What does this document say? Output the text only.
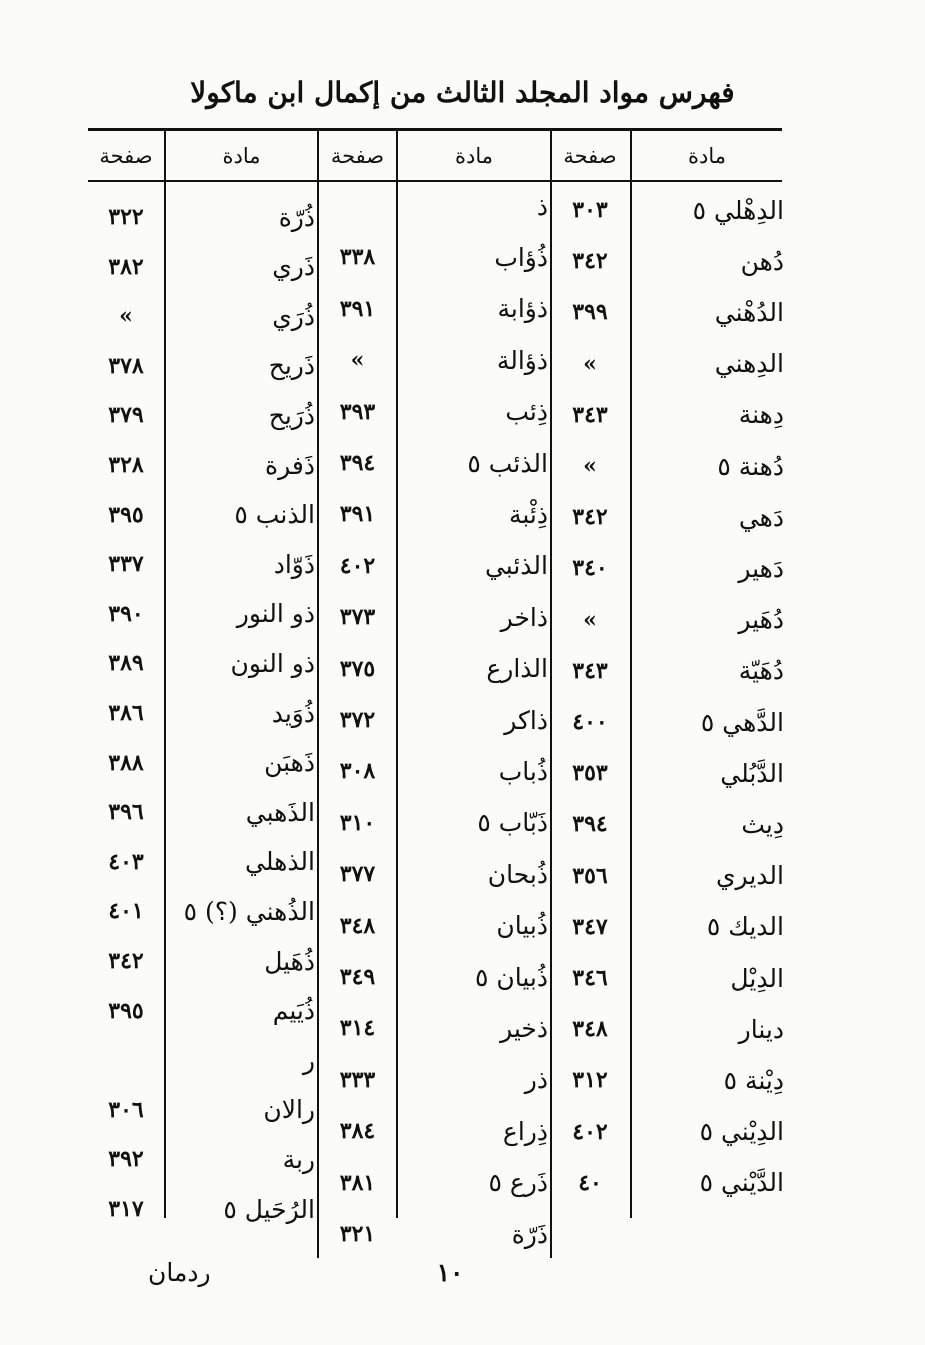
فهرس مواد المجلد الثالث من إكمال ابن ماكولا
مادة
صفحة
مادة
صفحة
مادة
صفحة
الدِهْلي ٥
٣٠٣
دُهن
٣٤٢
الدُهْني
٣٩٩
الدِهني
»
دِهنة
٣٤٣
دُهنة ٥
»
دَهي
٣٤٢
دَهير
٣٤٠
دُهَير
»
دُهَيّة
٣٤٣
الدَّهي ٥
٤٠٠
الدَّبُلي
٣٥٣
دِيث
٣٩٤
الديري
٣٥٦
الديك ٥
٣٤٧
الدِيْل
٣٤٦
دينار
٣٤٨
دِيْنة ٥
٣١٢
الدِيْني ٥
٤٠٢
الدَّيْني ٥
٤٠
ذ
ذُؤاب
٣٣٨
ذؤابة
٣٩١
ذؤالة
»
ذِئب
٣٩٣
الذئب ٥
٣٩٤
ذِئْبة
٣٩١
الذئبي
٤٠٢
ذاخر
٣٧٣
الذارع
٣٧٥
ذاكر
٣٧٢
ذُباب
٣٠٨
ذَبّاب ٥
٣١٠
ذُبحان
٣٧٧
ذُبيان
٣٤٨
ذُبيان ٥
٣٤٩
ذخير
٣١٤
ذر
٣٣٣
ذِراع
٣٨٤
ذَرع ٥
٣٨١
ذَرّة
٣٢١
ذُرّة
٣٢٢
ذَري
٣٨٢
ذُرَي
»
ذَريح
٣٧٨
ذُرَيح
٣٧٩
ذَفرة
٣٢٨
الذنب ٥
٣٩٥
ذَوّاد
٣٣٧
ذو النور
٣٩٠
ذو النون
٣٨٩
ذُوَيد
٣٨٦
ذَهبَن
٣٨٨
الذَهبي
٣٩٦
الذهلي
٤٠٣
الذُهني (؟) ٥
٤٠١
ذُهَيل
٣٤٢
ذُيَيم
٣٩٥
ر
رالان
٣٠٦
ربة
٣٩٢
الرُحَيل ٥
٣١٧
١٠
ردمان
